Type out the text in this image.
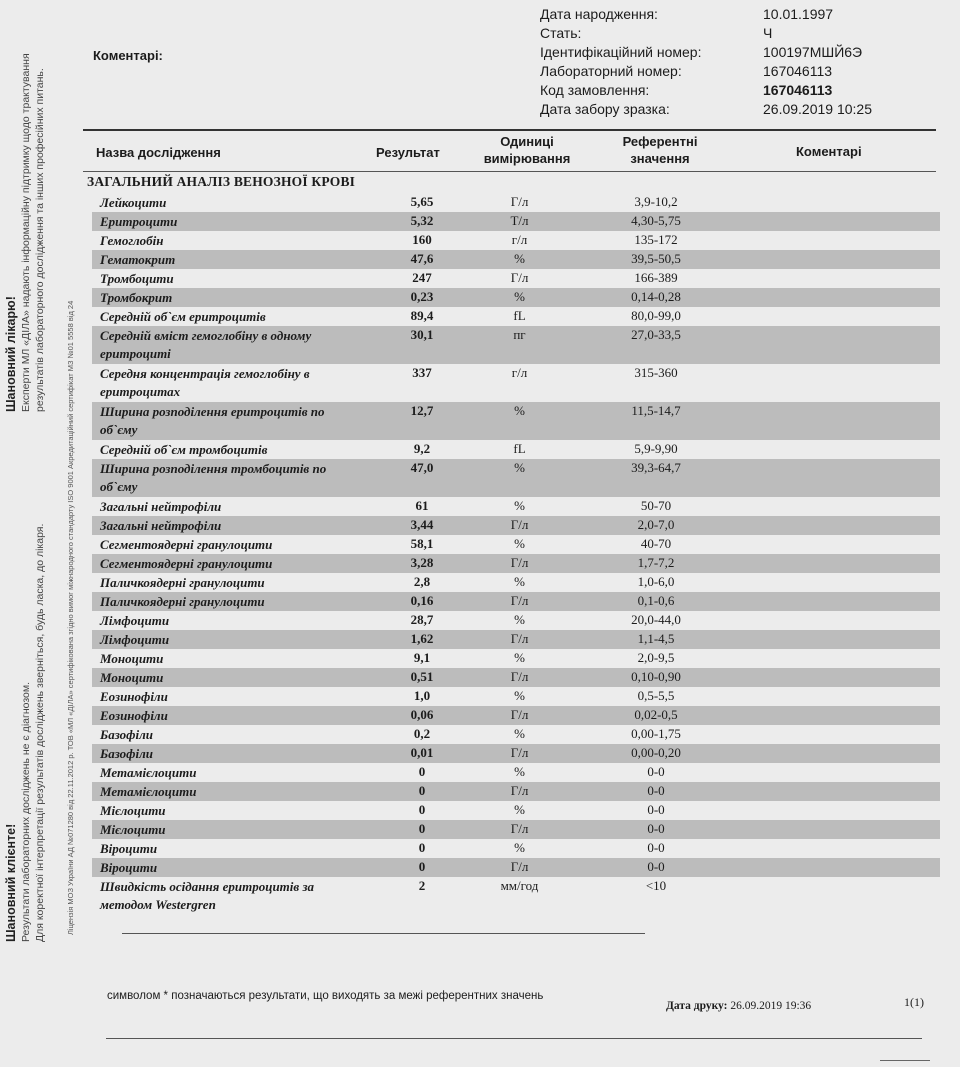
Шановний лікарю! Експерти МЛ «ДІЛА» надають інформаційну підтримку щодо трактування результатів лабораторного дослідження та інших професійних питань.
Шановний клієнте! Результати лабораторних досліджень не є діагнозом. Для коректної інтерпретації результатів досліджень зверніться, будь ласка, до лікаря.	Ліцензія МОЗ України АД №071280 від 22.11.2012 р. ТОВ «МЛ «ДІЛА» сертифікована згідно вимог міжнародного стандарту ISO 9001 Акредитаційний сертифікат МЗ №01 5558 від 24
Дата народження:	10.01.1997
Стать:	Ч
Ідентифікаційний номер:	100197МШЙ6Э
Лабораторний номер:	167046113
Код замовлення:	167046113
Дата забору зразка:	26.09.2019 10:25
Коментарі:
Назва дослідження	Результат
Одиниці
вимірювання
Референтні
значення	Коментарі
ЗАГАЛЬНИЙ АНАЛІЗ ВЕНОЗНОЇ КРОВІ
Лейкоцити	5,65	Г/л	3,9-10,2
Еритроцити	5,32	Т/л	4,30-5,75
Гемоглобін	160	г/л	135-172
Гематокрит	47,6	%	39,5-50,5
Тромбоцити	247	Г/л	166-389
Тромбокрит	0,23	%	0,14-0,28
Середній об`єм еритроцитів	89,4	fL	80,0-99,0
Середній вміст гемоглобіну в одному еритроциті
30,1	пг	27,0-33,5
Середня концентрація гемоглобіну в еритроцитах
337	г/л	315-360
Ширина розподілення еритроцитів по об`єму
12,7	%	11,5-14,7
Середній об`єм тромбоцитів	9,2	fL	5,9-9,90
Ширина розподілення тромбоцитів по об`єму
47,0	%	39,3-64,7
Загальні нейтрофіли	61	%	50-70
Загальні нейтрофіли	3,44	Г/л	2,0-7,0
Сегментоядерні гранулоцити	58,1	%	40-70
Сегментоядерні гранулоцити	3,28	Г/л	1,7-7,2
Паличкоядерні гранулоцити	2,8	%	1,0-6,0
Паличкоядерні гранулоцити	0,16	Г/л	0,1-0,6
Лімфоцити	28,7	%	20,0-44,0
Лімфоцити	1,62	Г/л	1,1-4,5
Моноцити	9,1	%	2,0-9,5
Моноцити	0,51	Г/л	0,10-0,90
Еозинофіли	1,0	%	0,5-5,5
Еозинофіли	0,06	Г/л	0,02-0,5
Базофіли	0,2	%	0,00-1,75
Базофіли	0,01	Г/л	0,00-0,20
Метамієлоцити	0	%	0-0
Метамієлоцити	0	Г/л	0-0
Мієлоцити	0	%	0-0
Мієлоцити	0	Г/л	0-0
Віроцити	0	%	0-0
Віроцити	0	Г/л	0-0
Швидкість осідання еритроцитів за методом Westergren
2	мм/год	<10
символом * позначаються результати, що виходять за межі референтних значень
Дата друку: 26.09.2019 19:36	1(1)
